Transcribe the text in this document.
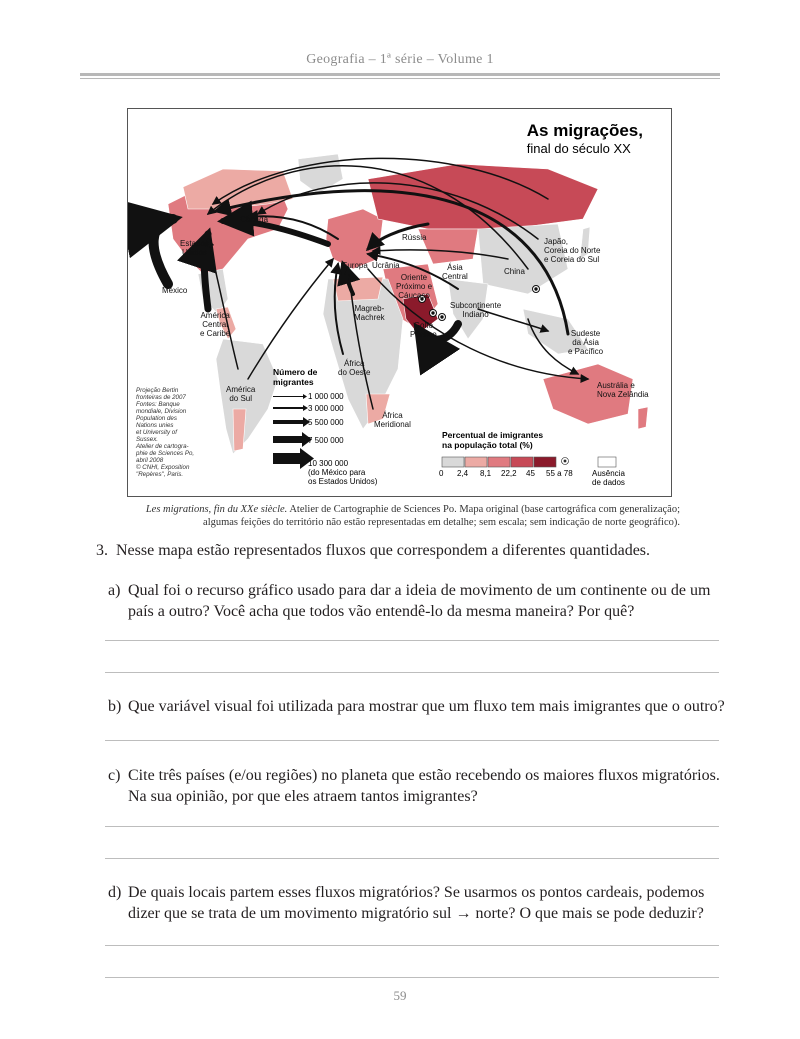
Geografia – 1ª série – Volume 1
As migrações,
final do século XX
Canadá
Estados
Unidos
México
América
Central
e Caribe
América
do Sul
Europa Ucrânia
Rússia
Oriente
Próximo e
Cáucaso
Ásia
Central
China
Japão,
Coreia do Norte
e Coreia do Sul
Magreb-
Machrek
Golfo
Pérsico
Subcontinente
Indiano
Sudeste
da Ásia
e Pacífico
África
do Oeste
África
Meridional
Austrália e
Nova Zelândia
Projeção Bertin
fronteiras de 2007
Fontes: Banque
mondiale, Division
Population des
Nations unies
et University of
Sussex.
Atelier de cartogra-
phie de Sciences Po,
abril 2008
© CNHI, Exposition
"Repères", Paris.
Número de
migrantes
1 000 000
3 000 000
5 500 000
7 500 000
10 300 000
(do México para
os Estados Unidos)
Percentual de imigrantes
na população total (%)
0 2,4 8,1 22,2 45 55 a 78 Ausência
de dados
Les migrations, fin du XXe siècle. Atelier de Cartographie de Sciences Po. Mapa original (base cartográfica com generalização;
algumas feições do território não estão representadas em detalhe; sem escala; sem indicação de norte geográfico).
3. Nesse mapa estão representados fluxos que correspondem a diferentes quantidades.
a) Qual foi o recurso gráfico usado para dar a ideia de movimento de um continente ou de um país a outro? Você acha que todos vão entendê-lo da mesma maneira? Por quê?
b) Que variável visual foi utilizada para mostrar que um fluxo tem mais imigrantes que o outro?
c) Cite três países (e/ou regiões) no planeta que estão recebendo os maiores fluxos migratórios. Na sua opinião, por que eles atraem tantos imigrantes?
d) De quais locais partem esses fluxos migratórios? Se usarmos os pontos cardeais, podemos dizer que se trata de um movimento migratório sul → norte? O que mais se pode deduzir?
59
